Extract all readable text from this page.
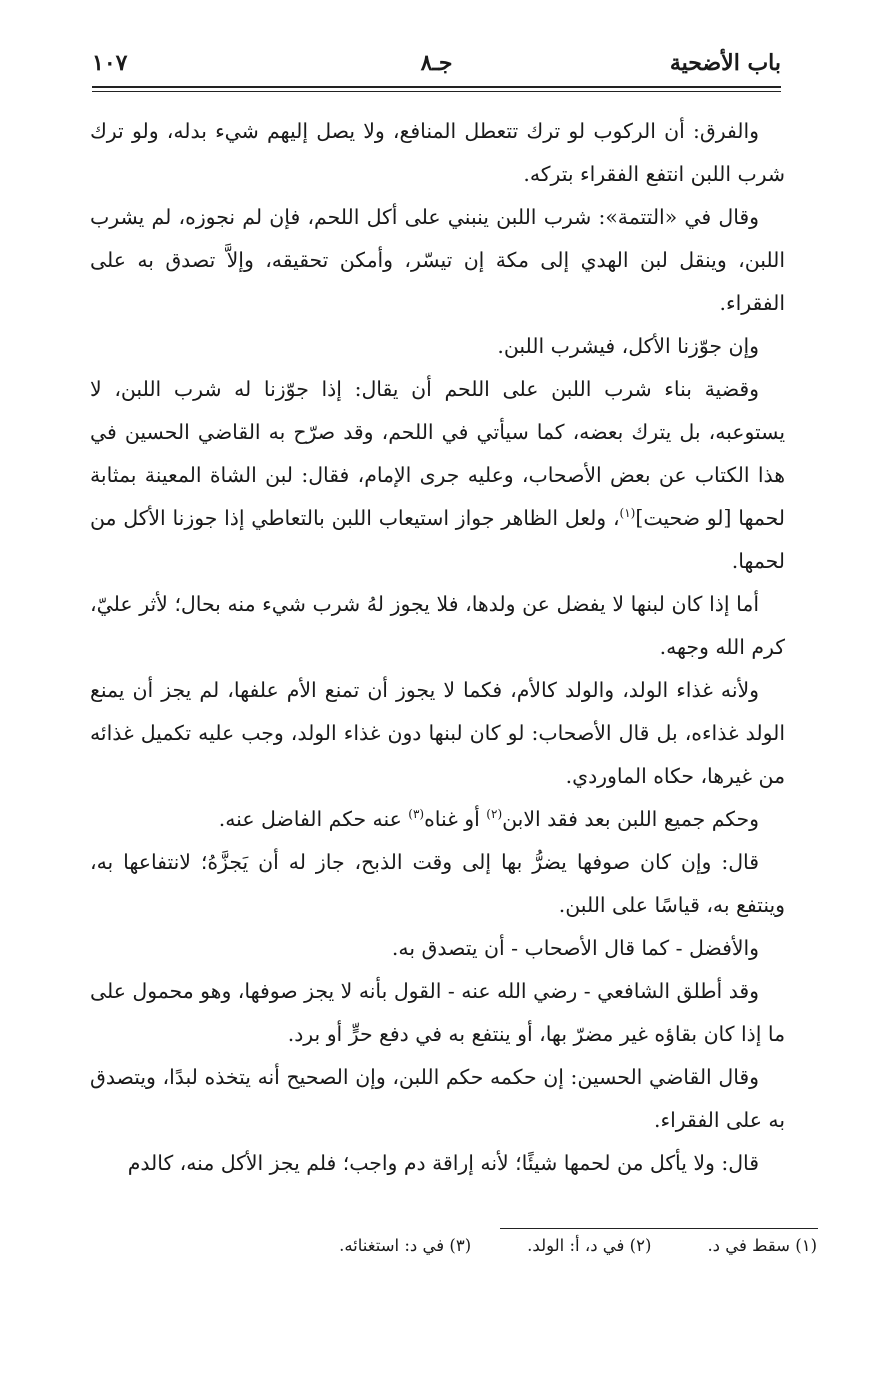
باب الأضحية
جـ٨
١٠٧

والفرق: أن الركوب لو ترك تتعطل المنافع، ولا يصل إليهم شيء بدله، ولو ترك شرب اللبن انتفع الفقراء بتركه.

وقال في «التتمة»: شرب اللبن ينبني على أكل اللحم، فإن لم نجوزه، لم يشرب اللبن، وينقل لبن الهدي إلى مكة إن تيسّر، وأمكن تحقيقه، وإلاَّ تصدق به على الفقراء.

وإن جوّزنا الأكل، فيشرب اللبن.

وقضية بناء شرب اللبن على اللحم أن يقال: إذا جوّزنا له شرب اللبن، لا يستوعبه، بل يترك بعضه، كما سيأتي في اللحم، وقد صرّح به القاضي الحسين في هذا الكتاب عن بعض الأصحاب، وعليه جرى الإمام، فقال: لبن الشاة المعينة بمثابة لحمها [لو ضحيت]$^{(١)}$، ولعل الظاهر جواز استيعاب اللبن بالتعاطي إذا جوزنا الأكل من لحمها.

أما إذا كان لبنها لا يفضل عن ولدها، فلا يجوز لهُ شرب شيء منه بحال؛ لأثر عليّ، كرم الله وجهه.

ولأنه غذاء الولد، والولد كالأم، فكما لا يجوز أن تمنع الأم علفها، لم يجز أن يمنع الولد غذاءه، بل قال الأصحاب: لو كان لبنها دون غذاء الولد، وجب عليه تكميل غذائه من غيرها، حكاه الماوردي.

وحكم جميع اللبن بعد فقد الابن$^{(٢)}$ أو غناه$^{(٣)}$ عنه حكم الفاضل عنه.

قال: وإن كان صوفها يضرُّ بها إلى وقت الذبح، جاز له أن يَجزَّهُ؛ لانتفاعها به، وينتفع به، قياسًا على اللبن.

والأفضل - كما قال الأصحاب - أن يتصدق به.

وقد أطلق الشافعي - رضي الله عنه - القول بأنه لا يجز صوفها، وهو محمول على ما إذا كان بقاؤه غير مضرّ بها، أو ينتفع به في دفع حرٍّ أو برد.

وقال القاضي الحسين: إن حكمه حكم اللبن، وإن الصحيح أنه يتخذه لبدًا، ويتصدق به على الفقراء.

قال: ولا يأكل من لحمها شيئًا؛ لأنه إراقة دم واجب؛ فلم يجز الأكل منه، كالدم

(١) سقط في د.
(٢) في د، أ: الولد.
(٣) في د: استغنائه.
